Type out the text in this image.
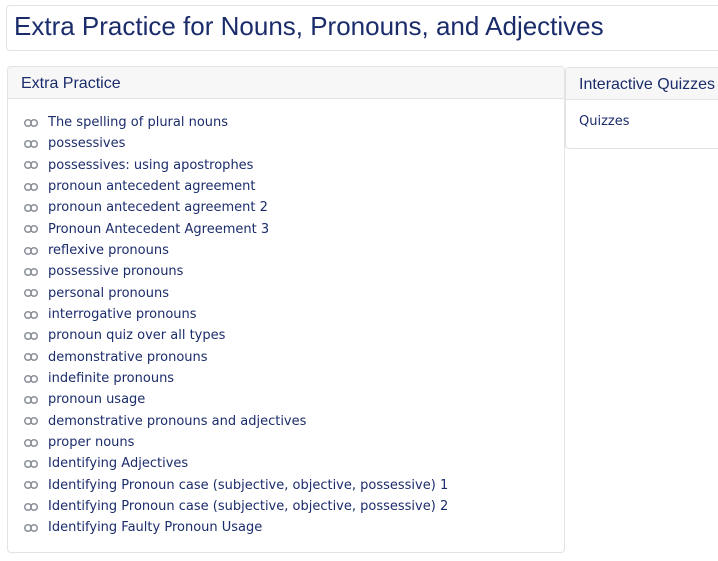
Extra Practice for Nouns, Pronouns, and Adjectives
Extra Practice
The spelling of plural nouns
possessives
possessives: using apostrophes
pronoun antecedent agreement
pronoun antecedent agreement 2
Pronoun Antecedent Agreement 3
reflexive pronouns
possessive pronouns
personal pronouns
interrogative pronouns
pronoun quiz over all types
demonstrative pronouns
indefinite pronouns
pronoun usage
demonstrative pronouns and adjectives
proper nouns
Identifying Adjectives
Identifying Pronoun case (subjective, objective, possessive) 1
Identifying Pronoun case (subjective, objective, possessive) 2
Identifying Faulty Pronoun Usage
Interactive Quizzes
Quizzes
